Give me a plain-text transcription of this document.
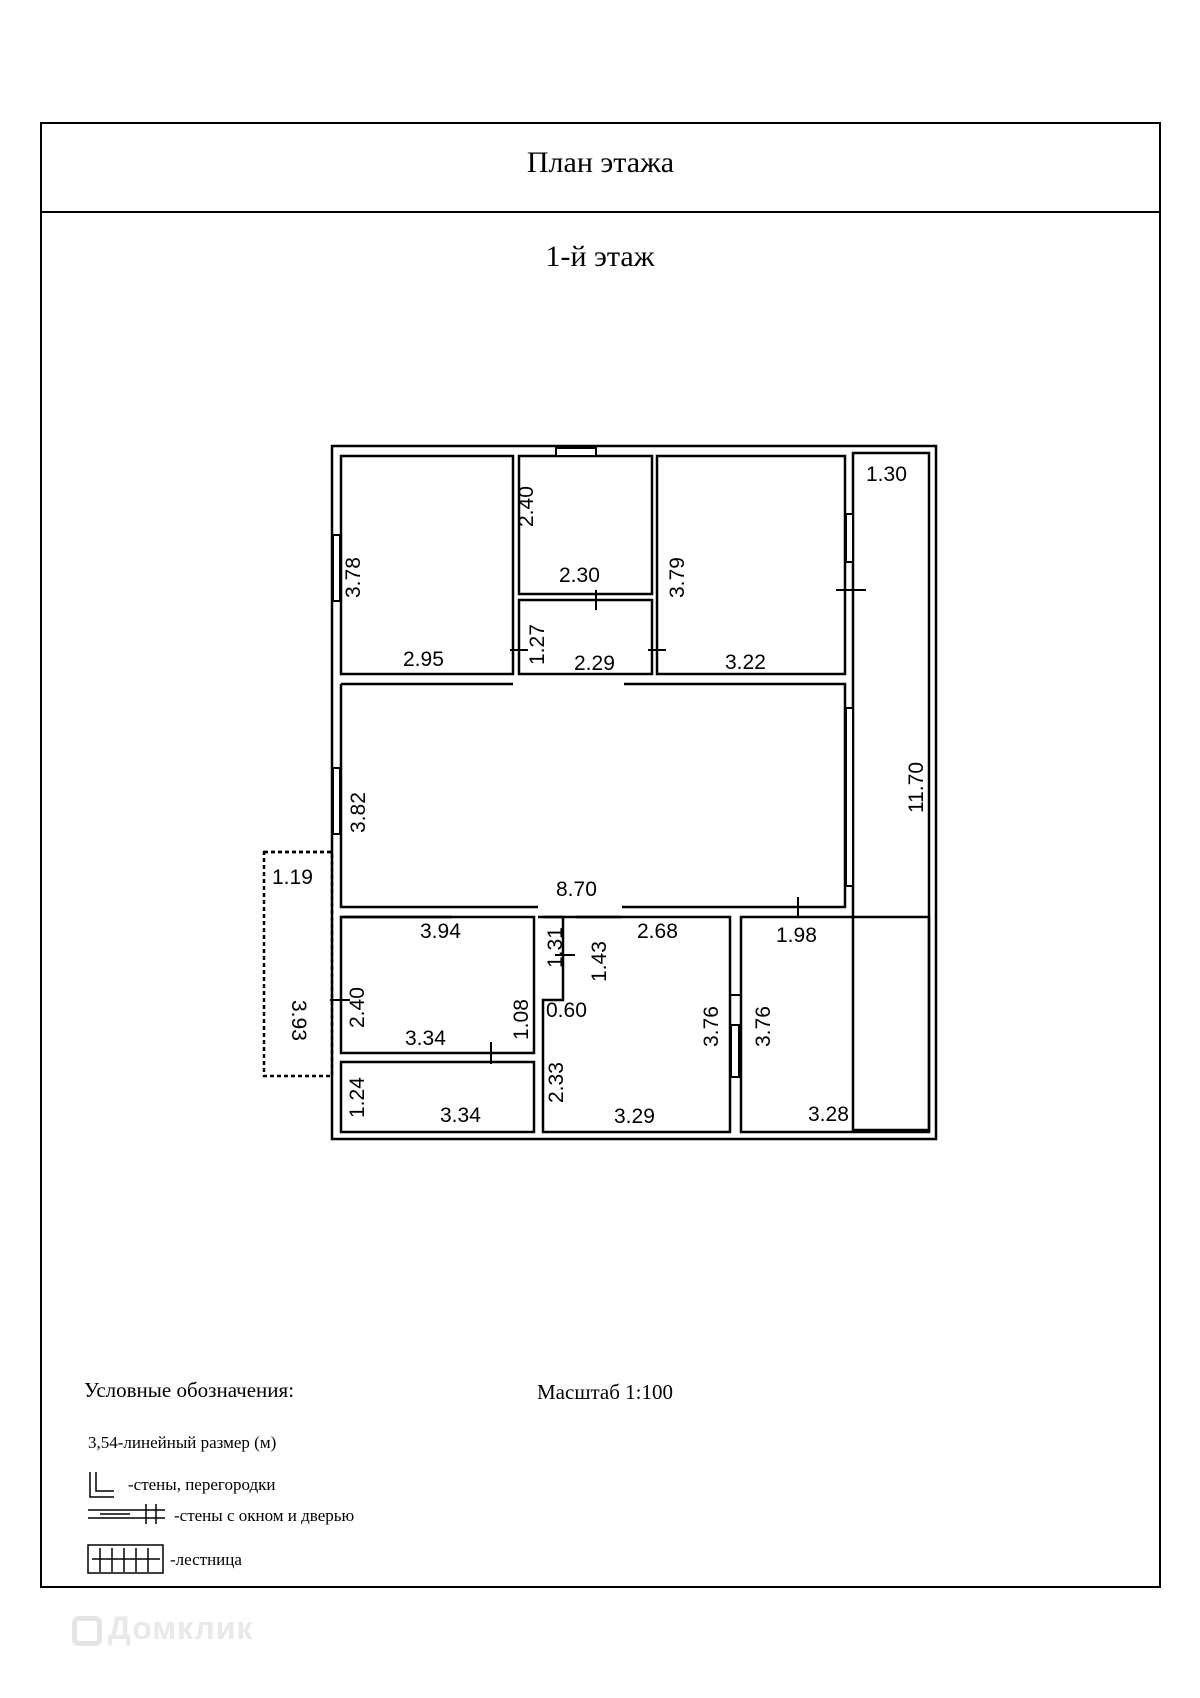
План этажа
1-й этаж
3.78
2.95
2.40
2.30
1.27 2.29
3.79
3.22
1.30
11.70
3.82
8.70
1.19
3.93
3.94
2.40
3.34
1.31 1.43
1.08 0.60
2.68
2.33
3.29
3.76 3.76
1.98
3.28
1.24	3.34
Условные обозначения:	Масштаб 1:100
3,54-линейный размер (м)
-стены, перегородки
-стены с окном и дверью
-лестница
Домклик
